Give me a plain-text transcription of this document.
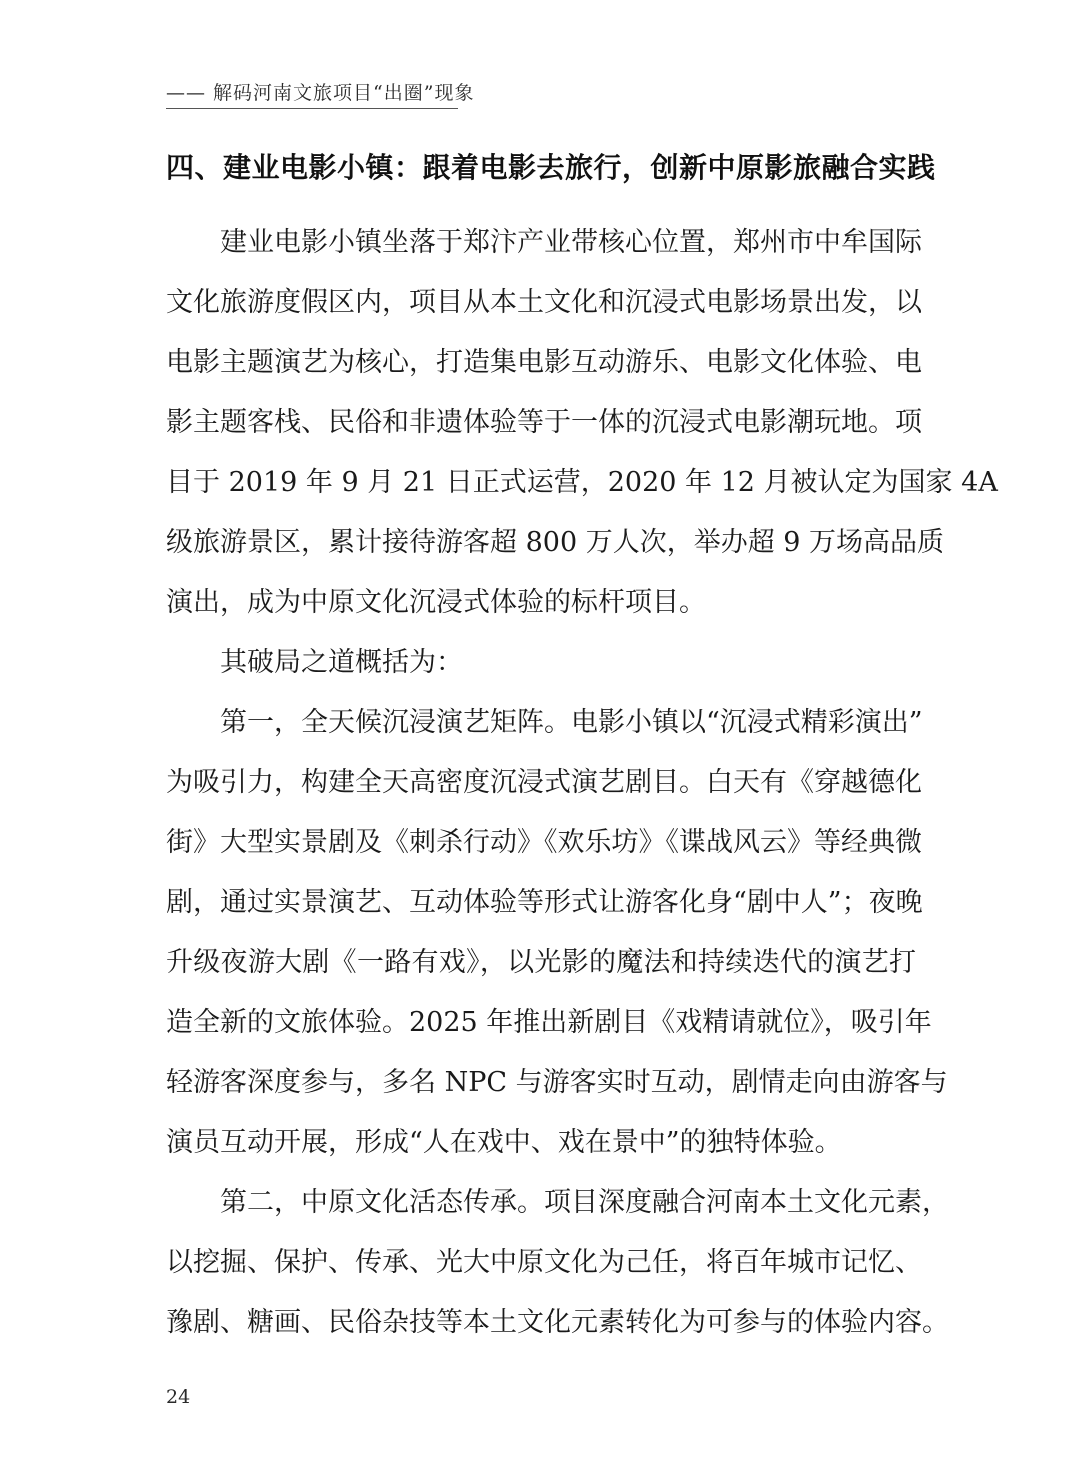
—— 解码河南文旅项目“出圈”现象
四、建业电影小镇：跟着电影去旅行，创新中原影旅融合实践
　　建业电影小镇坐落于郑汴产业带核心位置，郑州市中牟国际
文化旅游度假区内，项目从本土文化和沉浸式电影场景出发，以
电影主题演艺为核心，打造集电影互动游乐、电影文化体验、电
影主题客栈、民俗和非遗体验等于一体的沉浸式电影潮玩地。项
目于 2019 年 9 月 21 日正式运营，2020 年 12 月被认定为国家 4A
级旅游景区，累计接待游客超 800 万人次，举办超 9 万场高品质
演出，成为中原文化沉浸式体验的标杆项目。
　　其破局之道概括为：
　　第一，全天候沉浸演艺矩阵。电影小镇以“沉浸式精彩演出”
为吸引力，构建全天高密度沉浸式演艺剧目。白天有《穿越德化
街》大型实景剧及《刺杀行动》《欢乐坊》《谍战风云》等经典微
剧，通过实景演艺、互动体验等形式让游客化身“剧中人”；夜晚
升级夜游大剧《一路有戏》，以光影的魔法和持续迭代的演艺打
造全新的文旅体验。2025 年推出新剧目《戏精请就位》，吸引年
轻游客深度参与，多名 NPC 与游客实时互动，剧情走向由游客与
演员互动开展，形成“人在戏中、戏在景中”的独特体验。
　　第二，中原文化活态传承。项目深度融合河南本土文化元素，
以挖掘、保护、传承、光大中原文化为己任，将百年城市记忆、
豫剧、糖画、民俗杂技等本土文化元素转化为可参与的体验内容。
24
